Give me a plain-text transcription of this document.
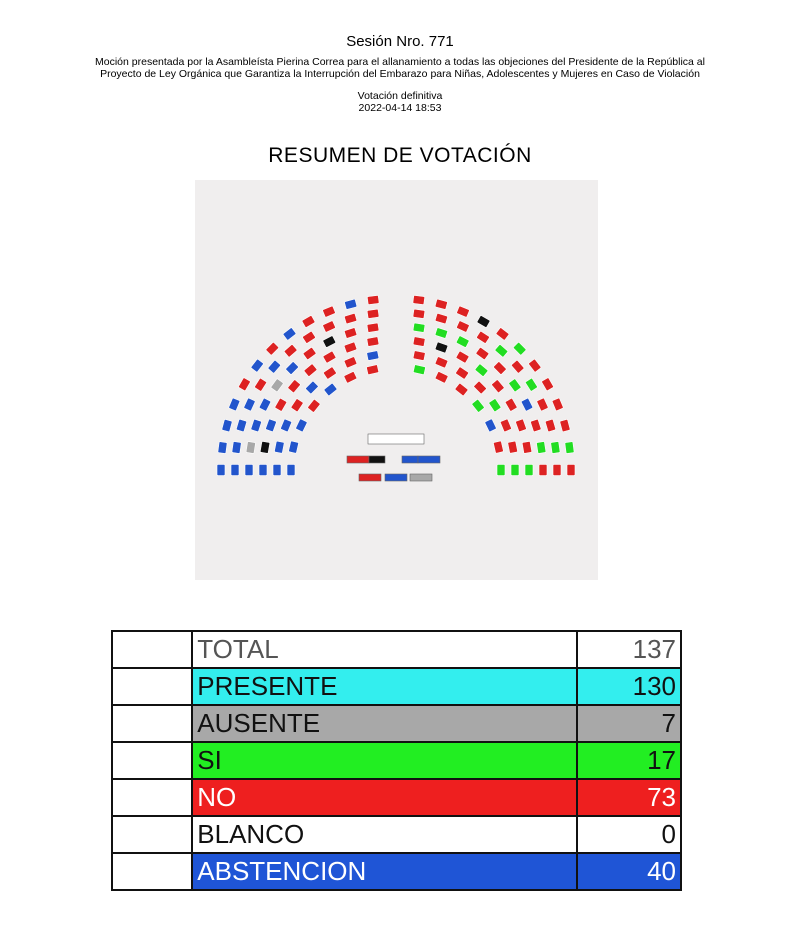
Sesión Nro. 771
Moción presentada por la Asambleísta Pierina Correa para el allanamiento a todas las objeciones del Presidente de la República al
Proyecto de Ley Orgánica que Garantiza la Interrupción del Embarazo para Niñas, Adolescentes y Mujeres en Caso de Violación
Votación definitiva
2022-04-14 18:53
RESUMEN DE VOTACIÓN
	TOTAL	137
	PRESENTE	130
	AUSENTE	7
	SI	17
	NO	73
	BLANCO	0
	ABSTENCION	40
